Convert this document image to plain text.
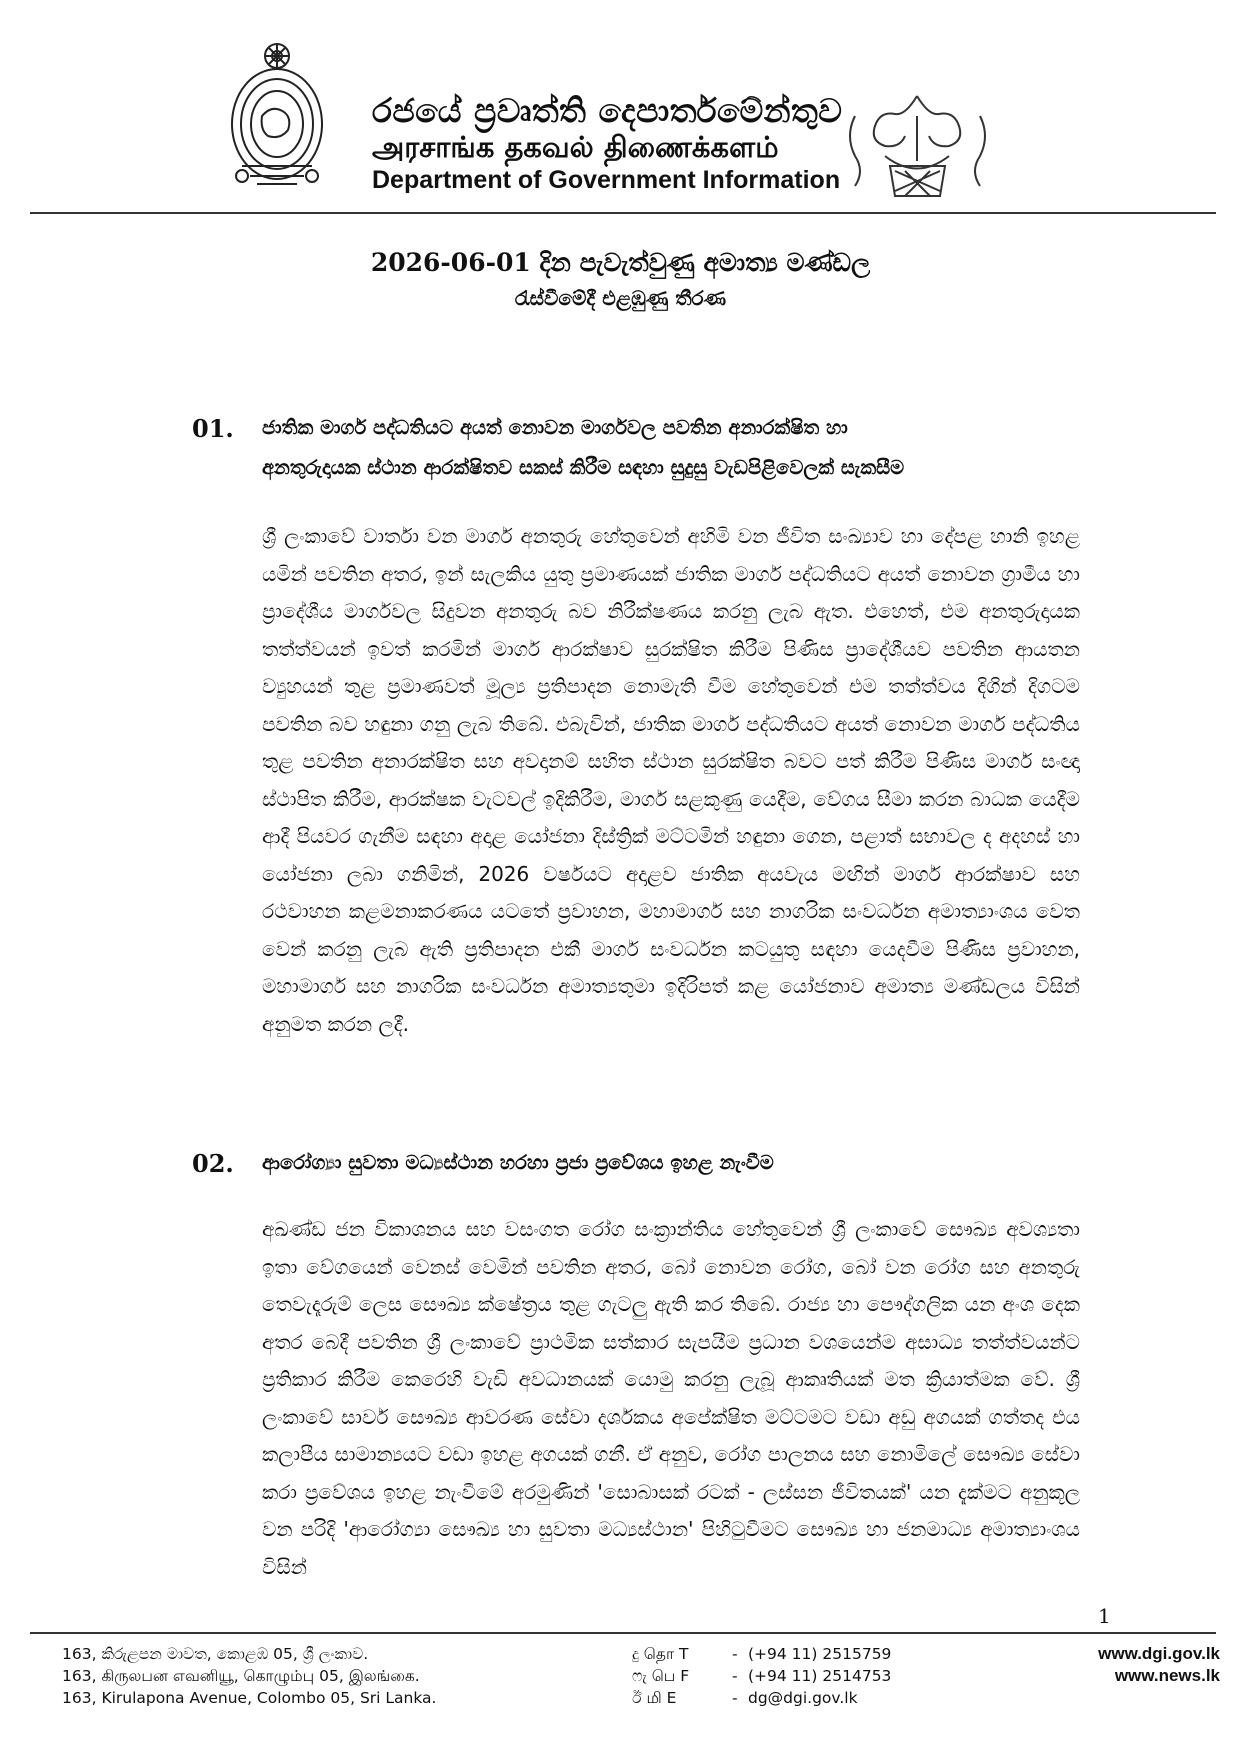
රජයේ ප්‍රවෘත්ති දෙපාර්තමේන්තුව
அரசாங்க தகவல் திணைக்களம்
Department of Government Information
2026-06-01 දින පැවැත්වුණු අමාත්‍ය මණ්ඩල
රැස්වීමේදී එළඹුණු තීරණ
01. ජාතික මාර්ග පද්ධතියට අයත් නොවන මාර්ගවල පවතින අනාරක්ෂිත හා
අනතුරුදායක ස්ථාන ආරක්ෂිතව සකස් කිරීම සඳහා සුදුසු වැඩපිළිවෙලක් සැකසීම
ශ්‍රී ලංකාවේ වාර්තා වන මාර්ග අනතුරු හේතුවෙන් අහිමි වන ජීවිත සංඛ්‍යාව හා දේපළ හානි ඉහළ යමින් පවතින අතර, ඉන් සැලකිය යුතු ප්‍රමාණයක් ජාතික මාර්ග පද්ධතියට අයත් නොවන ග්‍රාමීය හා ප්‍රාදේශීය මාර්ගවල සිදුවන අනතුරු බව නිරීක්ෂණය කරනු ලැබ ඇත. එහෙත්, එම අනතුරුදායක තත්ත්වයන් ඉවත් කරමින් මාර්ග ආරක්ෂාව සුරක්ෂිත කිරීම පිණිස ප්‍රාදේශීයව පවතින ආයතන ව්‍යුහයන් තුළ ප්‍රමාණවත් මූල්‍ය ප්‍රතිපාදන නොමැති වීම හේතුවෙන් එම තත්ත්වය දිගින් දිගටම පවතින බව හඳුනා ගනු ලැබ තිබේ. එබැවින්, ජාතික මාර්ග පද්ධතියට අයත් නොවන මාර්ග පද්ධතිය තුළ පවතින අනාරක්ෂිත සහ අවදානම් සහිත ස්ථාන සුරක්ෂිත බවට පත් කිරීම පිණිස මාර්ග සංඥා ස්ථාපිත කිරීම, ආරක්ෂක වැටවල් ඉදිකිරීම, මාර්ග සළකුණු යෙදීම, වේගය සීමා කරන බාධක යෙදීම ආදී පියවර ගැනීම සඳහා අදාළ යෝජනා දිස්ත්‍රික් මට්ටමින් හඳුනා ගෙන, පළාත් සභාවල ද අදහස් හා යෝජනා ලබා ගනිමින්, 2026 වර්ෂයට අදාළව ජාතික අයවැය මඟින් මාර්ග ආරක්ෂාව සහ රථවාහන කළමනාකරණය යටතේ ප්‍රවාහන, මහාමාර්ග සහ නාගරික සංවර්ධන අමාත්‍යාංශය වෙත වෙන් කරනු ලැබ ඇති ප්‍රතිපාදන එකී මාර්ග සංවර්ධන කටයුතු සඳහා යෙදවීම පිණිස ප්‍රවාහන, මහාමාර්ග සහ නාගරික සංවර්ධන අමාත්‍යතුමා ඉදිරිපත් කළ යෝජනාව අමාත්‍ය මණ්ඩලය විසින් අනුමත කරන ලදී.
02. ආරෝග්‍යා සුවතා මධ්‍යස්ථාන හරහා ප්‍රජා ප්‍රවේශය ඉහළ නැංවීම
අඛණ්ඩ ජන විකාශනය සහ වසංගත රෝග සංක්‍රාන්තිය හේතුවෙන් ශ්‍රී ලංකාවේ සෞඛ්‍ය අවශ්‍යතා ඉතා වේගයෙන් වෙනස් වෙමින් පවතින අතර, බෝ නොවන රෝග, බෝ වන රෝග සහ අනතුරු තෙවැදෑරුම් ලෙස සෞඛ්‍ය ක්ෂේත්‍රය තුළ ගැටලු ඇති කර තිබේ. රාජ්‍ය හා පෞද්ගලික යන අංශ දෙක අතර බෙදී පවතින ශ්‍රී ලංකාවේ ප්‍රාථමික සත්කාර සැපයීම ප්‍රධාන වශයෙන්ම අසාධ්‍ය තත්ත්වයන්ට ප්‍රතිකාර කිරීම කෙරෙහි වැඩි අවධානයක් යොමු කරනු ලැබූ ආකෘතියක් මත ක්‍රියාත්මක වේ. ශ්‍රී ලංකාවේ සාර්ව සෞඛ්‍ය ආවරණ සේවා දර්ශකය අපේක්ෂිත මට්ටමට වඩා අඩු අගයක් ගත්තද එය කලාපීය සාමාන්‍යයට වඩා ඉහළ අගයක් ගනී. ඒ අනුව, රෝග පාලනය සහ නොමිලේ සෞඛ්‍ය සේවා කරා ප්‍රවේශය ඉහළ නැංවීමේ අරමුණින් 'සොබාසක් රටක් - ලස්සන ජීවිතයක්' යන දැක්මට අනුකූල වන පරිදි 'ආරෝග්‍යා සෞඛ්‍ය හා සුවතා මධ්‍යස්ථාන' පිහිටුවීමට සෞඛ්‍ය හා ජනමාධ්‍ය අමාත්‍යාංශය විසින්
1
163, කිරුළපන මාවත, කොළඹ 05, ශ්‍රී ලංකාව.
163, கிருலபன எவனியூ, கொழும்பு 05, இலங்கை.
163, Kirulapona Avenue, Colombo 05, Sri Lanka.
දු தொ T	- (+94 11) 2515759
ෆැ பெ F	- (+94 11) 2514753
ඊ மி E	- dg@dgi.gov.lk
www.dgi.gov.lk
www.news.lk
